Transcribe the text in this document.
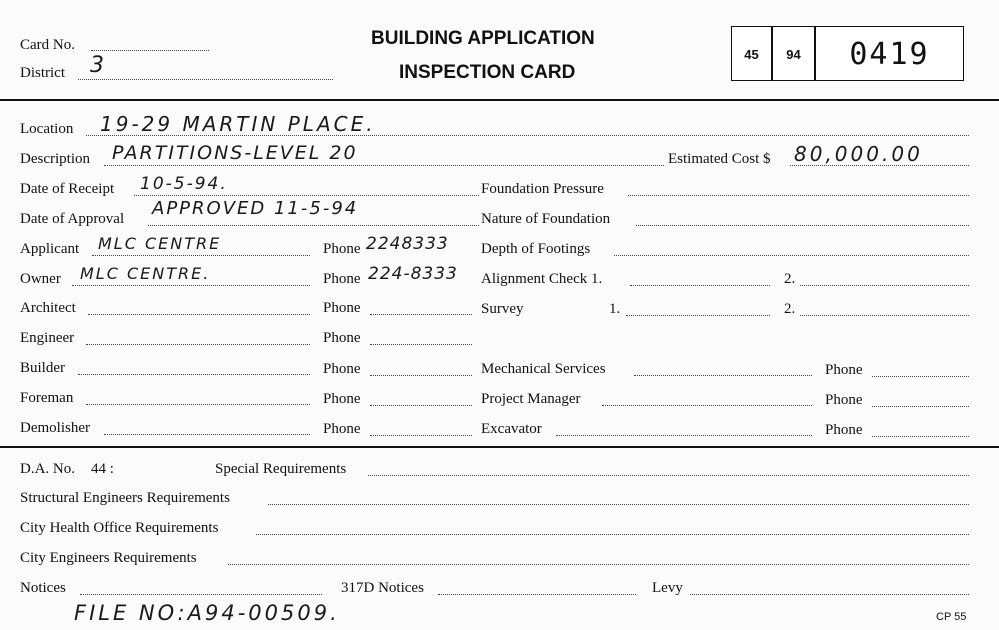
Card No.
District 3
BUILDING APPLICATION
INSPECTION CARD
45	94	0419
Location 19-29 MARTIN PLACE.
Description PARTITIONS-LEVEL 20	Estimated Cost $ 80,000.00
Date of Receipt 10-5-94.	Foundation Pressure
Date of Approval APPROVED 11-5-94	Nature of Foundation
Applicant MLC CENTRE	Phone 2248333 Depth of Footings
Owner MLC CENTRE.	Phone 224-8333 Alignment Check 1.	2.
Architect	Phone	Survey	1.	2.
Engineer	Phone
Builder	Phone	Mechanical Services	Phone
Foreman	Phone	Project Manager	Phone
Demolisher	Phone	Excavator	Phone
D.A. No. 44 :	Special Requirements
Structural Engineers Requirements
City Health Office Requirements
City Engineers Requirements
Notices	317D Notices	Levy
FILE NO:A94-00509.	CP 55
